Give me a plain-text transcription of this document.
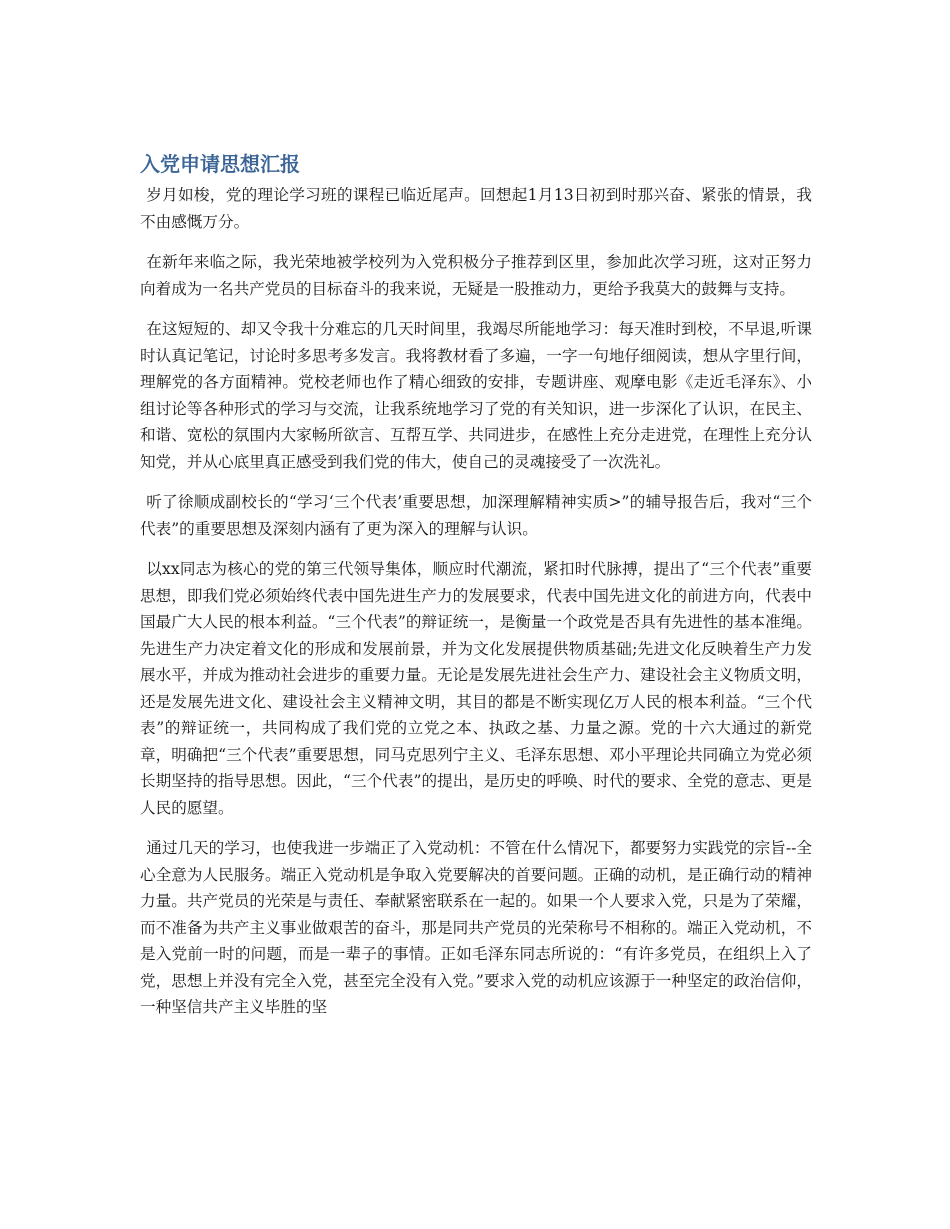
入党申请思想汇报

岁月如梭，党的理论学习班的课程已临近尾声。回想起1月13日初到时那兴奋、紧张的情景，我不由感慨万分。

在新年来临之际，我光荣地被学校列为入党积极分子推荐到区里，参加此次学习班，这对正努力向着成为一名共产党员的目标奋斗的我来说，无疑是一股推动力，更给予我莫大的鼓舞与支持。

在这短短的、却又令我十分难忘的几天时间里，我竭尽所能地学习：每天准时到校，不早退,听课时认真记笔记，讨论时多思考多发言。我将教材看了多遍，一字一句地仔细阅读，想从字里行间，理解党的各方面精神。党校老师也作了精心细致的安排，专题讲座、观摩电影《走近毛泽东》、小组讨论等各种形式的学习与交流，让我系统地学习了党的有关知识，进一步深化了认识，在民主、和谐、宽松的氛围内大家畅所欲言、互帮互学、共同进步，在感性上充分走进党，在理性上充分认知党，并从心底里真正感受到我们党的伟大，使自己的灵魂接受了一次洗礼。

听了徐顺成副校长的“学习‘三个代表’重要思想，加深理解精神实质>”的辅导报告后，我对“三个代表”的重要思想及深刻内涵有了更为深入的理解与认识。

以xx同志为核心的党的第三代领导集体，顺应时代潮流，紧扣时代脉搏，提出了“三个代表”重要思想，即我们党必须始终代表中国先进生产力的发展要求，代表中国先进文化的前进方向，代表中国最广大人民的根本利益。“三个代表”的辩证统一，是衡量一个政党是否具有先进性的基本准绳。先进生产力决定着文化的形成和发展前景，并为文化发展提供物质基础;先进文化反映着生产力发展水平，并成为推动社会进步的重要力量。无论是发展先进社会生产力、建设社会主义物质文明，还是发展先进文化、建设社会主义精神文明，其目的都是不断实现亿万人民的根本利益。“三个代表”的辩证统一，共同构成了我们党的立党之本、执政之基、力量之源。党的十六大通过的新党章，明确把“三个代表”重要思想，同马克思列宁主义、毛泽东思想、邓小平理论共同确立为党必须长期坚持的指导思想。因此，“三个代表”的提出，是历史的呼唤、时代的要求、全党的意志、更是人民的愿望。

通过几天的学习，也使我进一步端正了入党动机：不管在什么情况下，都要努力实践党的宗旨--全心全意为人民服务。端正入党动机是争取入党要解决的首要问题。正确的动机，是正确行动的精神力量。共产党员的光荣是与责任、奉献紧密联系在一起的。如果一个人要求入党，只是为了荣耀，而不准备为共产主义事业做艰苦的奋斗，那是同共产党员的光荣称号不相称的。端正入党动机，不是入党前一时的问题，而是一辈子的事情。正如毛泽东同志所说的：“有许多党员，在组织上入了党，思想上并没有完全入党，甚至完全没有入党。”要求入党的动机应该源于一种坚定的政治信仰，一种坚信共产主义毕胜的坚
